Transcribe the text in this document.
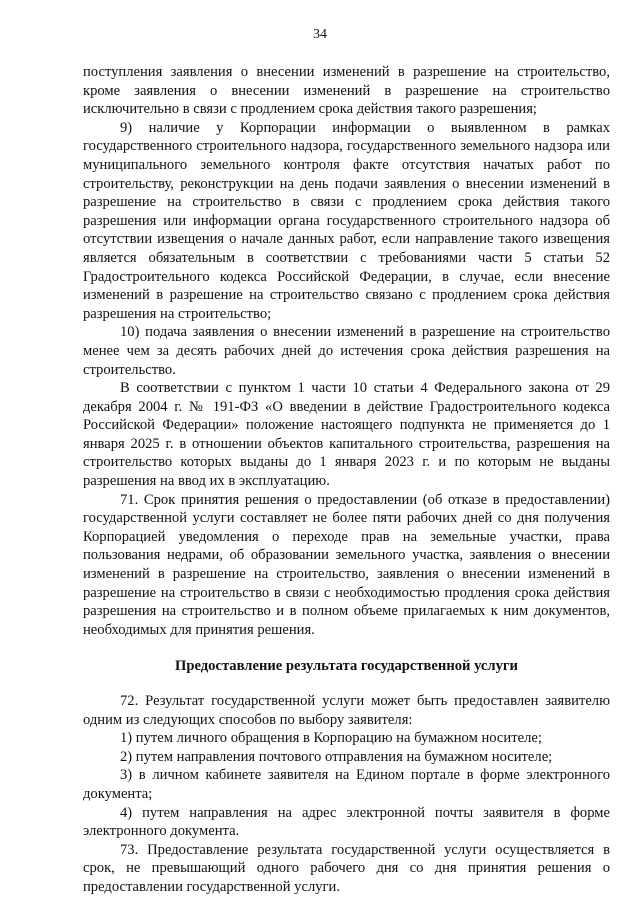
34

поступления заявления о внесении изменений в разрешение на строительство, кроме заявления о внесении изменений в разрешение на строительство исключительно в связи с продлением срока действия такого разрешения;

9) наличие у Корпорации информации о выявленном в рамках государственного строительного надзора, государственного земельного надзора или муниципального земельного контроля факте отсутствия начатых работ по строительству, реконструкции на день подачи заявления о внесении изменений в разрешение на строительство в связи с продлением срока действия такого разрешения или информации органа государственного строительного надзора об отсутствии извещения о начале данных работ, если направление такого извещения является обязательным в соответствии с требованиями части 5 статьи 52 Градостроительного кодекса Российской Федерации, в случае, если внесение изменений в разрешение на строительство связано с продлением срока действия разрешения на строительство;

10) подача заявления о внесении изменений в разрешение на строительство менее чем за десять рабочих дней до истечения срока действия разрешения на строительство.

В соответствии с пунктом 1 части 10 статьи 4 Федерального закона от 29 декабря 2004 г. № 191-ФЗ «О введении в действие Градостроительного кодекса Российской Федерации» положение настоящего подпункта не применяется до 1 января 2025 г. в отношении объектов капитального строительства, разрешения на строительство которых выданы до 1 января 2023 г. и по которым не выданы разрешения на ввод их в эксплуатацию.

71. Срок принятия решения о предоставлении (об отказе в предоставлении) государственной услуги составляет не более пяти рабочих дней со дня получения Корпорацией уведомления о переходе прав на земельные участки, права пользования недрами, об образовании земельного участка, заявления о внесении изменений в разрешение на строительство, заявления о внесении изменений в разрешение на строительство в связи с необходимостью продления срока действия разрешения на строительство и в полном объеме прилагаемых к ним документов, необходимых для принятия решения.

Предоставление результата государственной услуги

72. Результат государственной услуги может быть предоставлен заявителю одним из следующих способов по выбору заявителя:

1) путем личного обращения в Корпорацию на бумажном носителе;

2) путем направления почтового отправления на бумажном носителе;

3) в личном кабинете заявителя на Едином портале в форме электронного документа;

4) путем направления на адрес электронной почты заявителя в форме электронного документа.

73. Предоставление результата государственной услуги осуществляется в срок, не превышающий одного рабочего дня со дня принятия решения о предоставлении государственной услуги.
